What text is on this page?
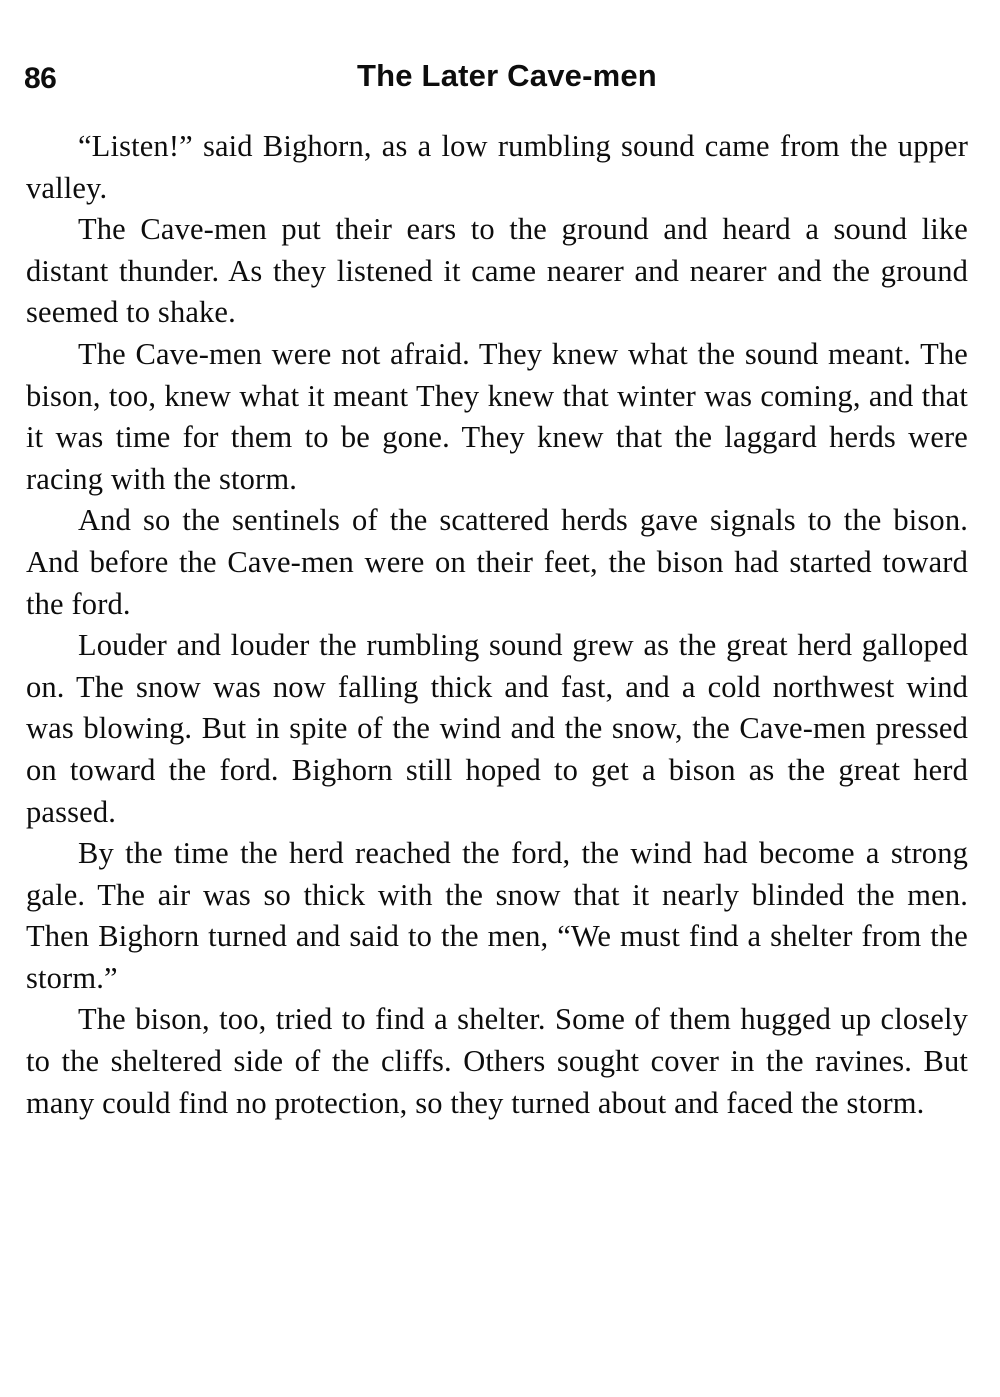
86	The Later Cave-men

“Listen!” said Bighorn, as a low rumbling sound came from the upper valley.

The Cave-men put their ears to the ground and heard a sound like distant thunder. As they listened it came nearer and nearer and the ground seemed to shake.

The Cave-men were not afraid. They knew what the sound meant. The bison, too, knew what it meant They knew that winter was coming, and that it was time for them to be gone. They knew that the laggard herds were racing with the storm.

And so the sentinels of the scattered herds gave signals to the bison. And before the Cave-men were on their feet, the bison had started toward the ford.

Louder and louder the rumbling sound grew as the great herd galloped on. The snow was now falling thick and fast, and a cold northwest wind was blowing. But in spite of the wind and the snow, the Cave-men pressed on toward the ford. Bighorn still hoped to get a bison as the great herd passed.

By the time the herd reached the ford, the wind had become a strong gale. The air was so thick with the snow that it nearly blinded the men. Then Bighorn turned and said to the men, “We must find a shelter from the storm.”

The bison, too, tried to find a shelter. Some of them hugged up closely to the sheltered side of the cliffs. Others sought cover in the ravines. But many could find no protection, so they turned about and faced the storm.
